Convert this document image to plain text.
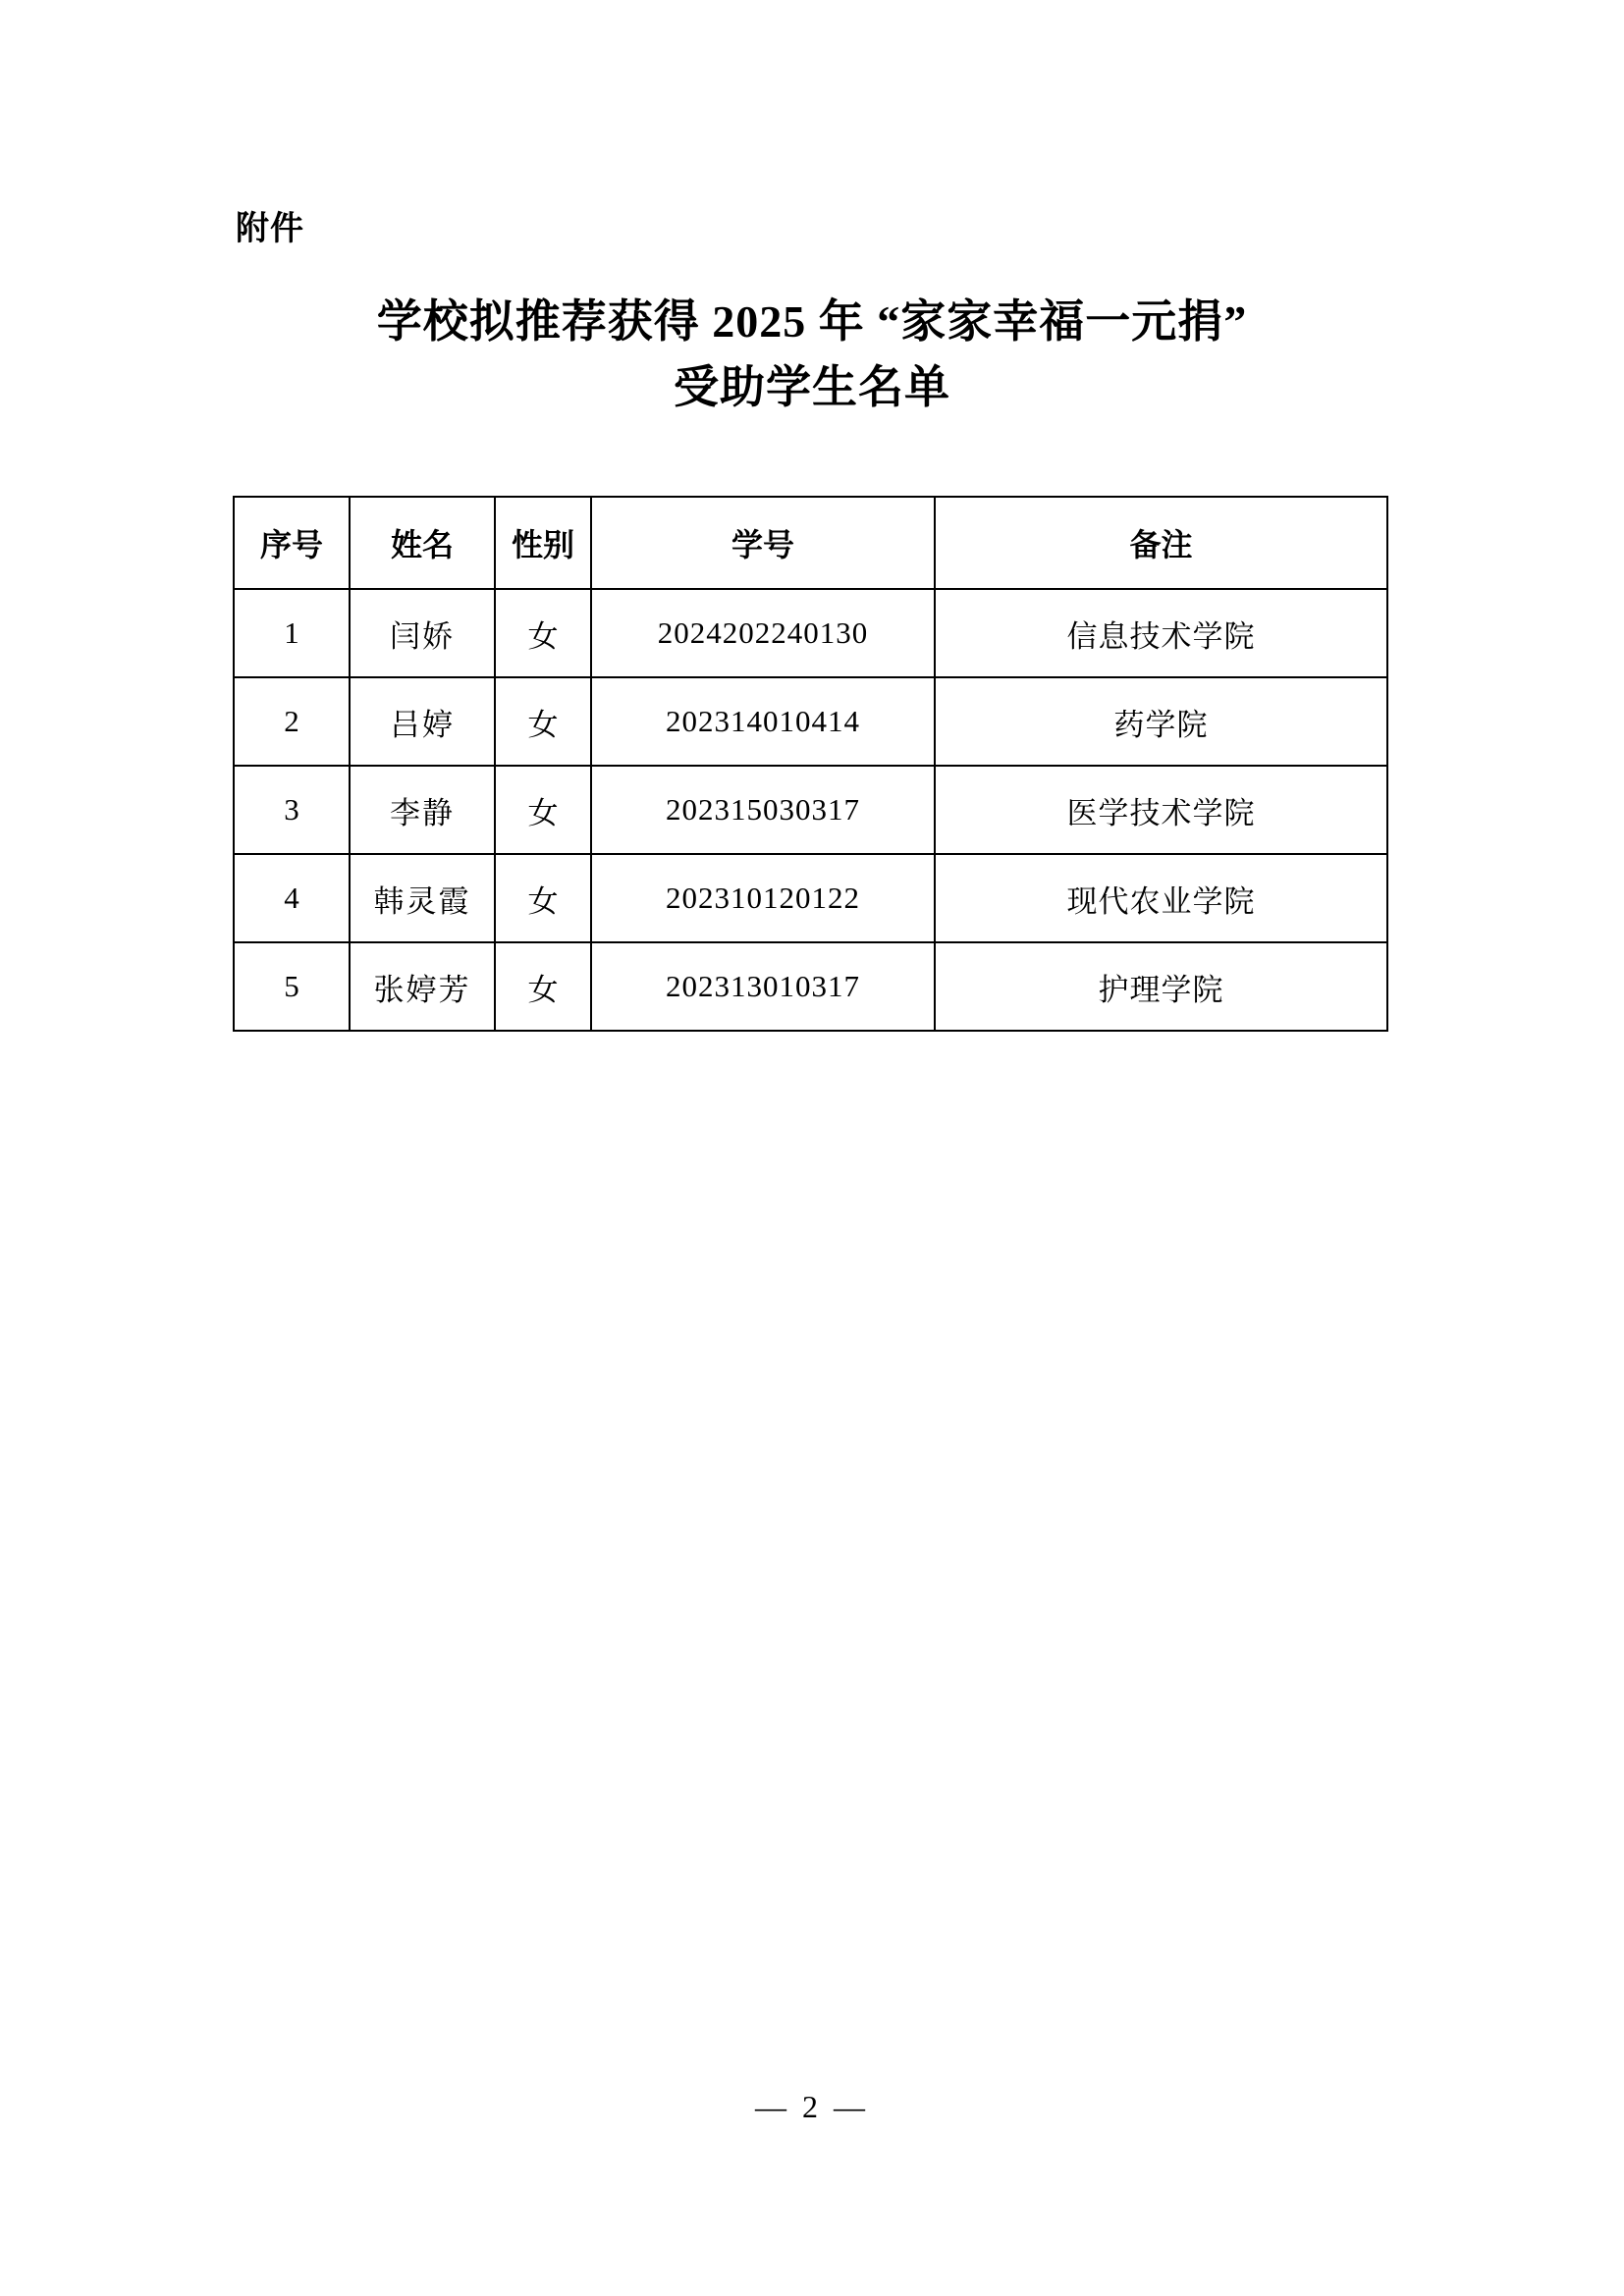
附件
学校拟推荐获得 2025 年 “家家幸福一元捐”
受助学生名单
序号	姓名	性别	学号	备注
1	闫娇	女	2024202240130	信息技术学院
2	吕婷	女	202314010414	药学院
3	李静	女	202315030317	医学技术学院
4	韩灵霞	女	202310120122	现代农业学院
5	张婷芳	女	202313010317	护理学院
— 2 —
